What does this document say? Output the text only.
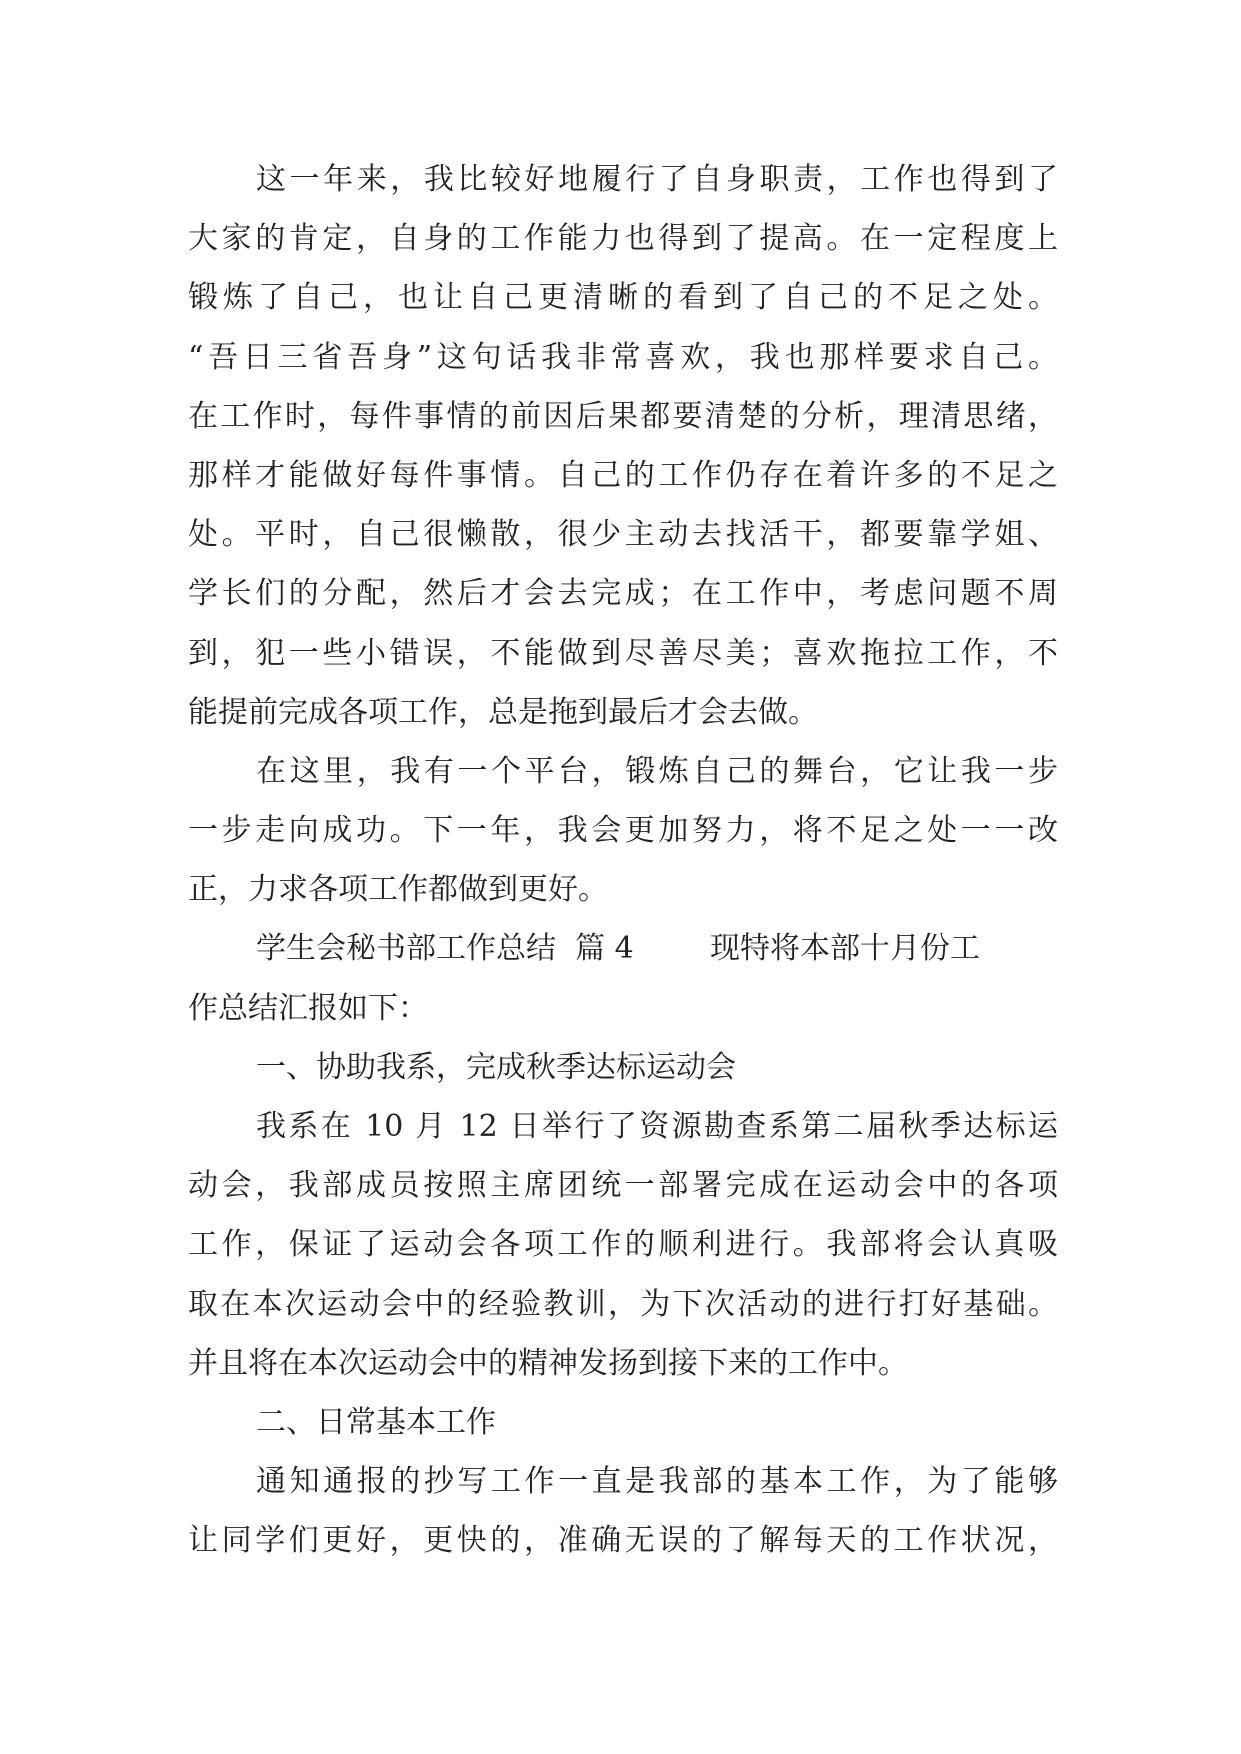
这一年来，我比较好地履行了自身职责，工作也得到了
大家的肯定，自身的工作能力也得到了提高。在一定程度上
锻炼了自己，也让自己更清晰的看到了自己的不足之处。
“吾日三省吾身”这句话我非常喜欢，我也那样要求自己。
在工作时，每件事情的前因后果都要清楚的分析，理清思绪，
那样才能做好每件事情。自己的工作仍存在着许多的不足之
处。平时，自己很懒散，很少主动去找活干，都要靠学姐、
学长们的分配，然后才会去完成；在工作中，考虑问题不周
到，犯一些小错误，不能做到尽善尽美；喜欢拖拉工作，不
能提前完成各项工作，总是拖到最后才会去做。
在这里，我有一个平台，锻炼自己的舞台，它让我一步
一步走向成功。下一年，我会更加努力，将不足之处一一改
正，力求各项工作都做到更好。
学生会秘书部工作总结  篇 4        现特将本部十月份工
作总结汇报如下：
一、协助我系，完成秋季达标运动会
我系在 10 月 12 日举行了资源勘查系第二届秋季达标运
动会，我部成员按照主席团统一部署完成在运动会中的各项
工作，保证了运动会各项工作的顺利进行。我部将会认真吸
取在本次运动会中的经验教训，为下次活动的进行打好基础。
并且将在本次运动会中的精神发扬到接下来的工作中。
二、日常基本工作
通知通报的抄写工作一直是我部的基本工作，为了能够
让同学们更好，更快的，准确无误的了解每天的工作状况，
